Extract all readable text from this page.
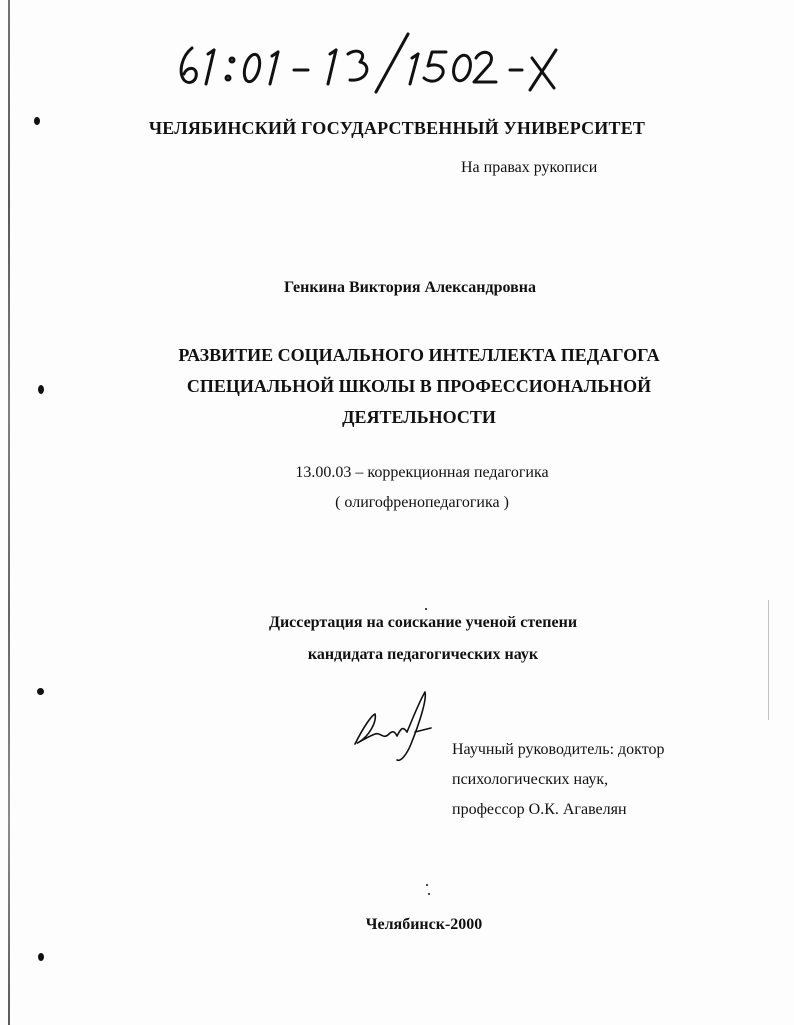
ЧЕЛЯБИНСКИЙ ГОСУДАРСТВЕННЫЙ УНИВЕРСИТЕТ
На правах рукописи
Генкина Виктория Александровна
РАЗВИТИЕ СОЦИАЛЬНОГО ИНТЕЛЛЕКТА ПЕДАГОГА
СПЕЦИАЛЬНОЙ ШКОЛЫ В ПРОФЕССИОНАЛЬНОЙ
ДЕЯТЕЛЬНОСТИ
13.00.03 – коррекционная педагогика
( олигофренопедагогика )
Диссертация на соискание ученой степени
кандидата педагогических наук
Научный руководитель: доктор
психологических наук,
профессор О.К. Агавелян
Челябинск-2000
